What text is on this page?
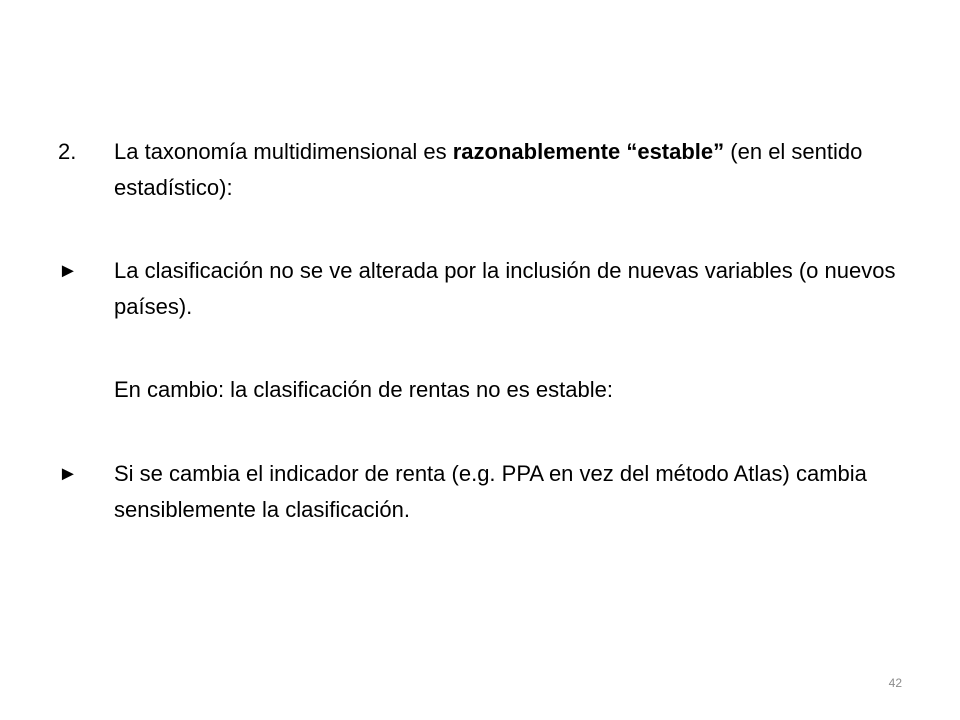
2.	La taxonomía multidimensional es razonablemente “estable” (en el sentido estadístico):
►	La clasificación no se ve alterada por la inclusión de nuevas variables (o nuevos países).
En cambio: la clasificación de rentas no es estable:
►	Si se cambia el indicador de renta (e.g. PPA en vez del método Atlas) cambia sensiblemente la clasificación.
42
